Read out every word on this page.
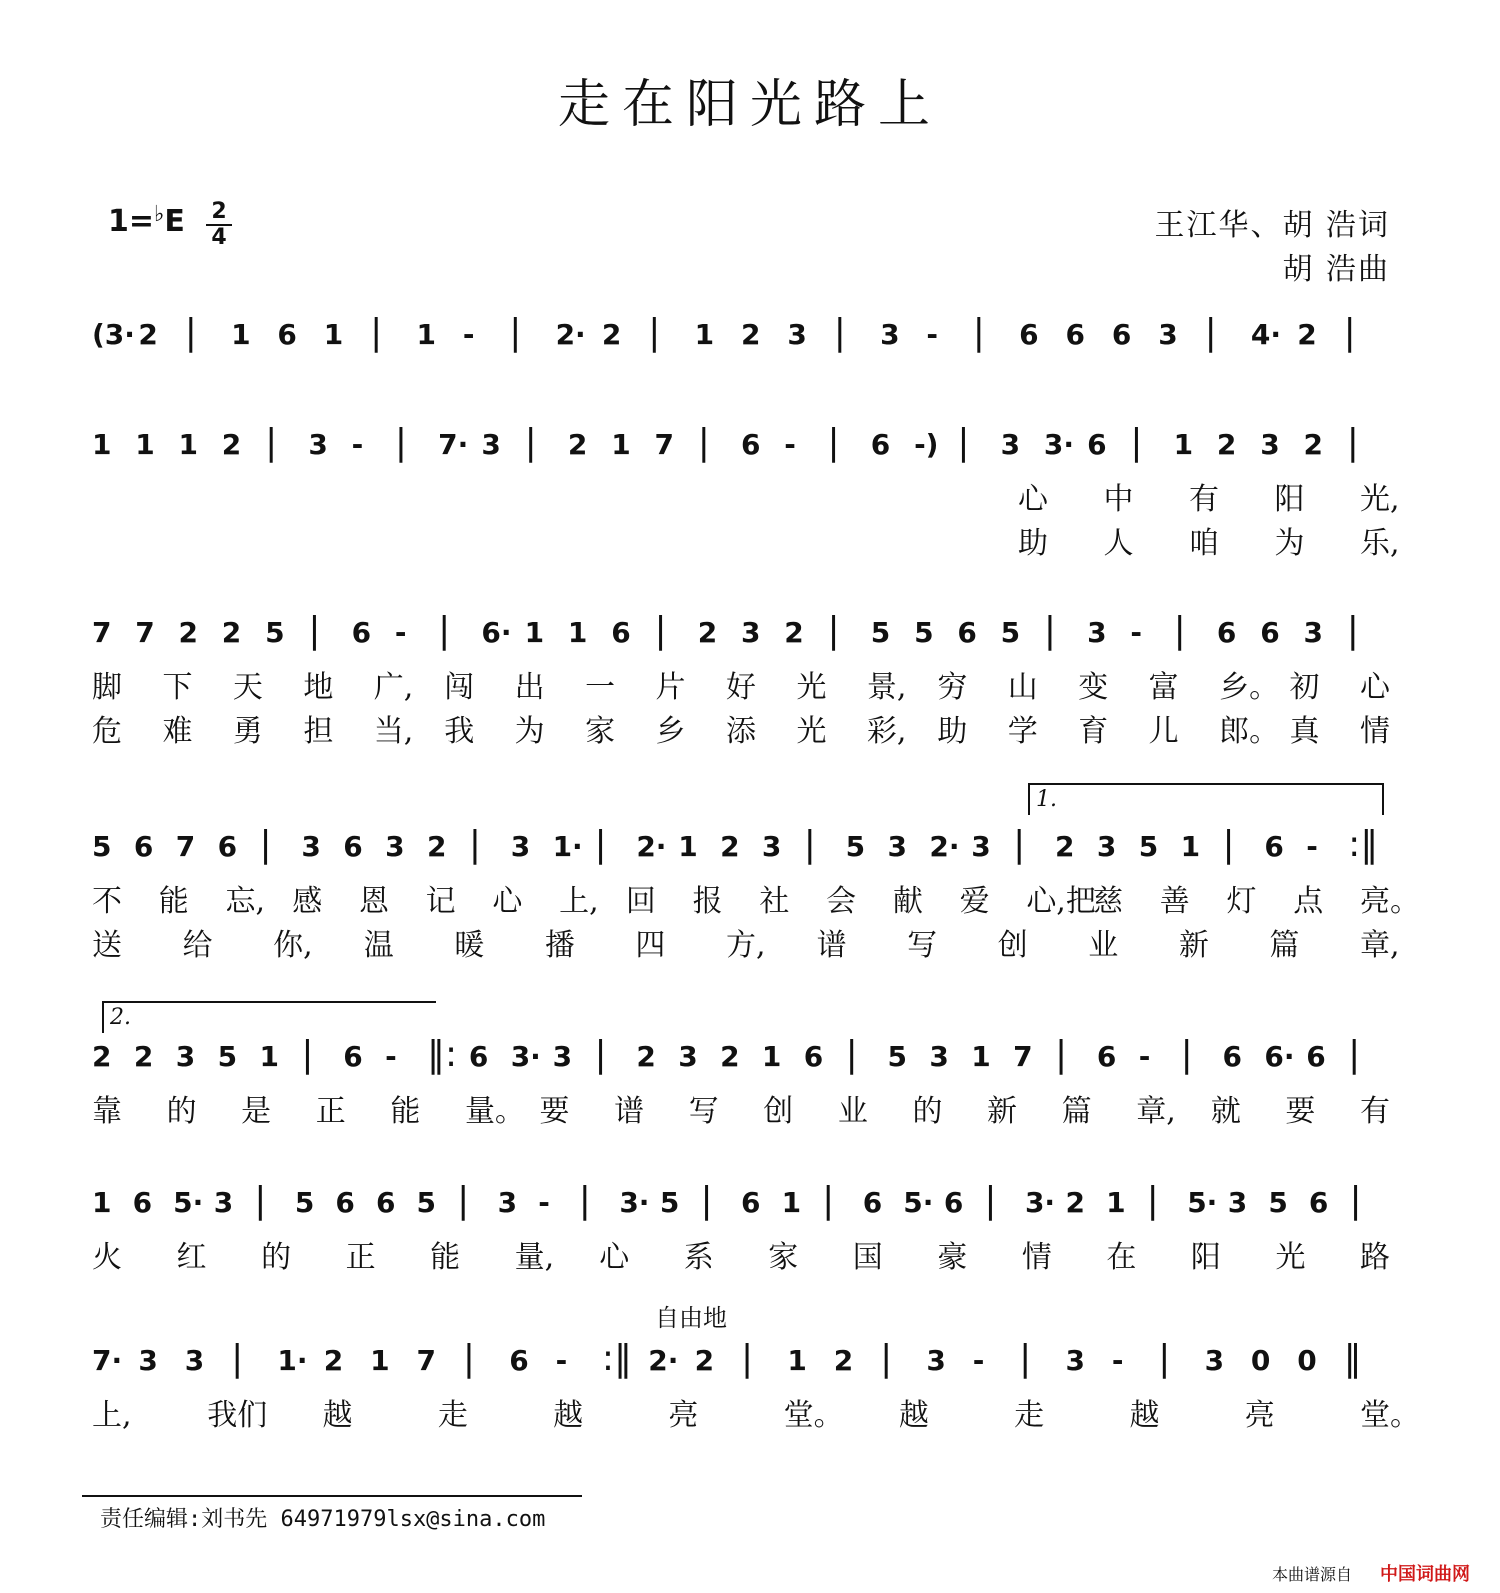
走在阳光路上
1=♭E	2
4	王江华、胡 浩词
胡 浩曲
1.
2.
自由地
(3· 2 | 1 6 1 | 1 - | 2· 2 | 1 2 3 | 3 - | 6 6 6 3 | 4· 2 |
1 1 1 2 | 3 - | 7· 3 | 2 1 7 | 6 - | 6 -) | 3 3· 6 | 1 2 3 2 |
心 中 有 阳 光,
助 人 咱 为 乐,
7 7 2 2 5 | 6 - | 6· 1 1 6 | 2 3 2 | 5 5 6 5 | 3 - | 6 6 3 |
脚 下 天 地 广, 闯 出 一 片 好 光 景, 穷 山 变 富 乡。 初 心
危 难 勇 担 当, 我 为 家 乡 添 光 彩, 助 学 育 儿 郎。 真 情
5 6 7 6 | 3 6 3 2 | 3 1· | 2· 1 2 3 | 5 3 2· 3 | 2 3 5 1 | 6 - :‖
不 能 忘, 感 恩 记 心 上, 回 报 社 会 献 爱 心,把
慈 善 灯 点 亮。
送 给 你, 温 暖 播 四 方, 谱 写 创 业 新 篇 章,
2 2 3 5 1 | 6 - ‖: 6 3· 3 | 2 3 2 1 6 | 5 3 1 7 | 6 - | 6 6· 6 |
靠 的 是 正 能 量。 要 谱 写 创 业 的 新 篇 章, 就 要 有
1 6 5· 3 | 5 6 6 5 | 3 - | 3· 5 | 6 1 | 6 5· 6 | 3· 2 1 | 5· 3 5 6 |
火 红 的 正 能 量, 心 系 家 国 豪 情 在 阳 光 路
7· 3 3 | 1· 2 1 7 | 6 - :‖ 2· 2 | 1 2 | 3 - | 3 - | 3 0 0 ‖
上,	我们 越	走	越	亮	堂。 越	走	越	亮	堂。
责任编辑:刘书先 64971979lsx@sina.com
本曲谱源自 中国词曲网
